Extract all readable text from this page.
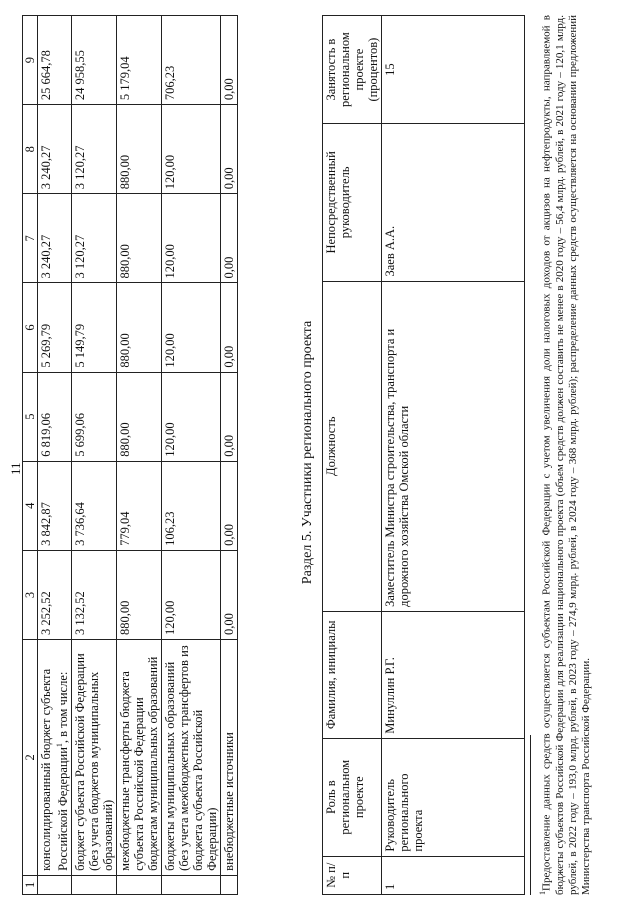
11
1	2	3	4	5	6	7	8	9
	консолидированный бюджет субъекта Российской Федерации$^1$, в том числе:	3 252,52	3 842,87	6 819,06	5 269,79	3 240,27	3 240,27	25 664,78
	бюджет субъекта Российской Федерации (без учета бюджетов муниципальных образований)	3 132,52	3 736,64	5 699,06	5 149,79	3 120,27	3 120,27	24 958,55
	межбюджетные трансферты бюджета субъекта Российской Федерации бюджетам муниципальных образований	880,00	779,04	880,00	880,00	880,00	880,00	5 179,04
	бюджеты муниципальных образований (без учета межбюджетных трансфертов из бюджета субъекта Российской Федерации)	120,00	106,23	120,00	120,00	120,00	120,00	706,23
	внебюджетные источники	0,00	0,00	0,00	0,00	0,00	0,00	0,00
Раздел 5. Участники регионального проекта
№ п/п	Роль в региональном проекте	Фамилия, инициалы	Должность	Непосредственный руководитель	Занятость в региональном проекте (процентов)
1	Руководитель регионального проекта	Минуллин Р.Г.	Заместитель Министра строительства, транспорта и дорожного хозяйства Омской области	Заев А.А.	15
$^1$Предоставление данных средств осуществляется субъектам Российской Федерации с учетом увеличения доли налоговых доходов от акцизов на нефтепродукты, направляемой в бюджеты субъектов Российской Федерации для реализации национального проекта (объем средств должен составить не менее в 2020 году – 56,4 млрд. рублей, в 2021 году – 120,1 млрд. рублей, в 2022 году – 193,0 млрд. рублей, в 2023 году – 274,9 млрд. рублей, в 2024 году – 368 млрд. рублей); распределение данных средств осуществляется на основании предложений Министерства транспорта Российской Федерации.
